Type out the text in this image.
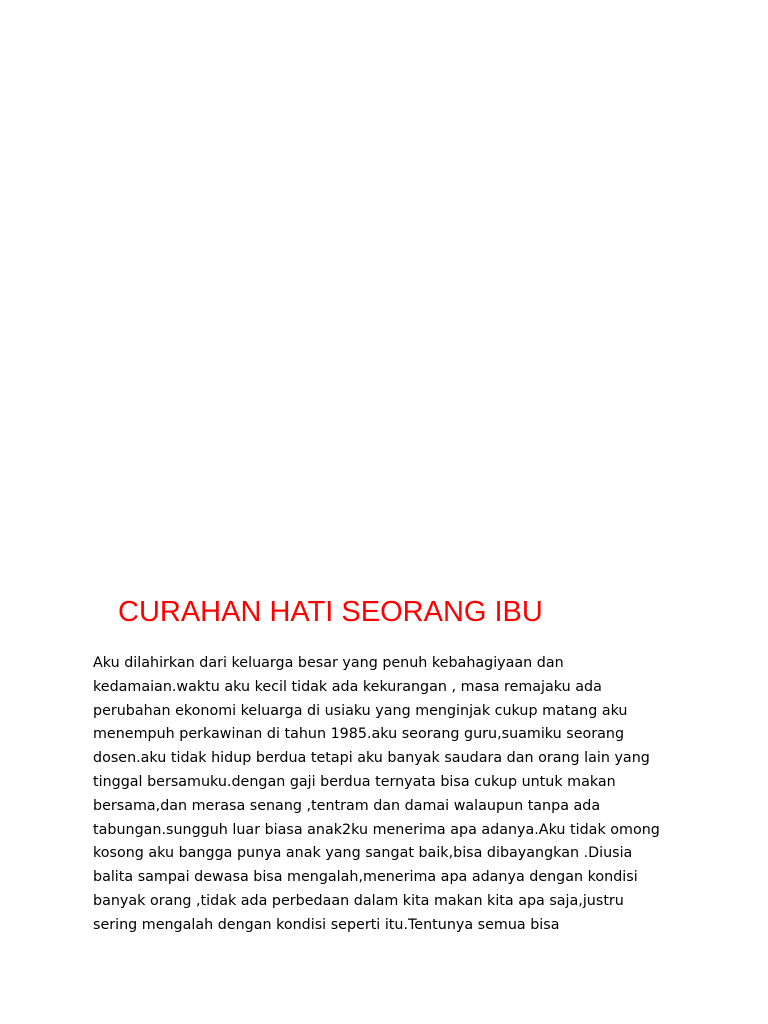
CURAHAN HATI SEORANG IBU
Aku dilahirkan dari keluarga besar yang penuh kebahagiyaan dan
kedamaian.waktu aku kecil tidak ada kekurangan , masa remajaku ada
perubahan ekonomi keluarga di usiaku yang menginjak cukup matang aku
menempuh perkawinan di tahun 1985.aku seorang guru,suamiku seorang
dosen.aku tidak hidup berdua tetapi aku banyak saudara dan orang lain yang
tinggal bersamuku.dengan gaji berdua ternyata bisa cukup untuk makan
bersama,dan merasa senang ,tentram dan damai walaupun tanpa ada
tabungan.sungguh luar biasa anak2ku menerima apa adanya.Aku tidak omong
kosong aku bangga punya anak yang sangat baik,bisa dibayangkan .Diusia
balita sampai dewasa bisa mengalah,menerima apa adanya dengan kondisi
banyak orang ,tidak ada perbedaan dalam kita makan kita apa saja,justru
sering mengalah dengan kondisi seperti itu.Tentunya semua bisa
